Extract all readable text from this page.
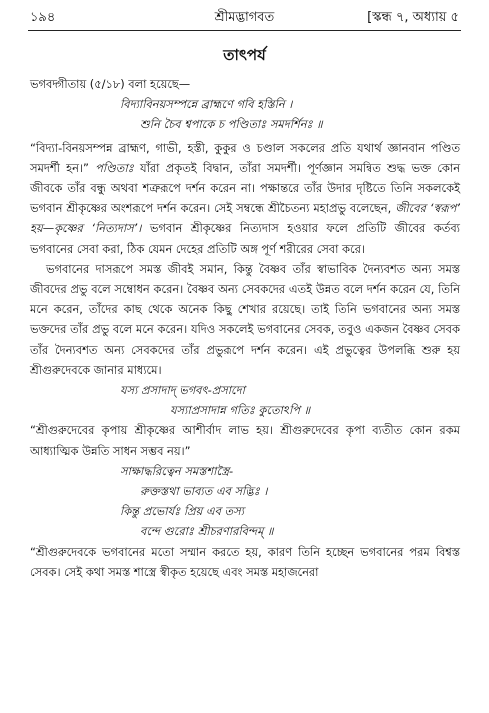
১৯৪	শ্রীমদ্ভাগবত	[স্কন্ধ ৭, অধ্যায় ৫
তাৎপর্য

ভগবদ্গীতায় (৫/১৮) বলা হয়েছে—

বিদ্যাবিনয়সম্পন্নে ব্রাহ্মণে গবি হস্তিনি ।

শুনি চৈব শ্বপাকে চ পণ্ডিতাঃ সমদর্শিনঃ ॥

“বিদ্যা-বিনয়সম্পন্ন ব্রাহ্মণ, গাভী, হস্তী, কুকুর ও চণ্ডাল সকলের প্রতি যথার্থ জ্ঞানবান পণ্ডিত সমদর্শী হন।” পণ্ডিতাঃ যাঁরা প্রকৃতই বিদ্বান, তাঁরা সমদর্শী। পূর্ণজ্ঞান সমন্বিত শুদ্ধ ভক্ত কোন জীবকে তাঁর বন্ধু অথবা শত্রুরূপে দর্শন করেন না। পক্ষান্তরে তাঁর উদার দৃষ্টিতে তিনি সকলকেই ভগবান শ্রীকৃষ্ণের অংশরূপে দর্শন করেন। সেই সম্বন্ধে শ্রীচৈতন্য মহাপ্রভু বলেছেন, জীবের ‘স্বরূপ’ হয়—কৃষ্ণের ‘নিত্যদাস’। ভগবান শ্রীকৃষ্ণের নিত্যদাস হওয়ার ফলে প্রতিটি জীবের কর্তব্য ভগবানের সেবা করা, ঠিক যেমন দেহের প্রতিটি অঙ্গ পূর্ণ শরীরের সেবা করে।

ভগবানের দাসরূপে সমস্ত জীবই সমান, কিন্তু বৈষ্ণব তাঁর স্বাভাবিক দৈন্যবশত অন্য সমস্ত জীবদের প্রভু বলে সম্বোধন করেন। বৈষ্ণব অন্য সেবকদের এতই উন্নত বলে দর্শন করেন যে, তিনি মনে করেন, তাঁদের কাছ থেকে অনেক কিছু শেখার রয়েছে। তাই তিনি ভগবানের অন্য সমস্ত ভক্তদের তাঁর প্রভু বলে মনে করেন। যদিও সকলেই ভগবানের সেবক, তবুও একজন বৈষ্ণব সেবক তাঁর দৈন্যবশত অন্য সেবকদের তাঁর প্রভুরূপে দর্শন করেন। এই প্রভুত্বের উপলব্ধি শুরু হয় শ্রীগুরুদেবকে জানার মাধ্যমে।

যস্য প্রসাদাদ্ ভগবৎ-প্রসাদো

যস্যাপ্রসাদান্ন গতিঃ কুতোঽপি ॥

“শ্রীগুরুদেবের কৃপায় শ্রীকৃষ্ণের আশীর্বাদ লাভ হয়। শ্রীগুরুদেবের কৃপা ব্যতীত কোন রকম আধ্যাত্মিক উন্নতি সাধন সম্ভব নয়।”

সাক্ষাদ্ধরিত্বেন সমস্তশাস্ত্রৈ-

রুক্তস্তথা ভাব্যত এব সদ্ভিঃ ।

কিন্তু প্রভোর্যঃ প্রিয় এব তস্য

বন্দে গুরোঃ শ্রীচরণারবিন্দম্ ॥

“শ্রীগুরুদেবকে ভগবানের মতো সম্মান করতে হয়, কারণ তিনি হচ্ছেন ভগবানের পরম বিশ্বস্ত সেবক। সেই কথা সমস্ত শাস্ত্রে স্বীকৃত হয়েছে এবং সমস্ত মহাজনেরা
